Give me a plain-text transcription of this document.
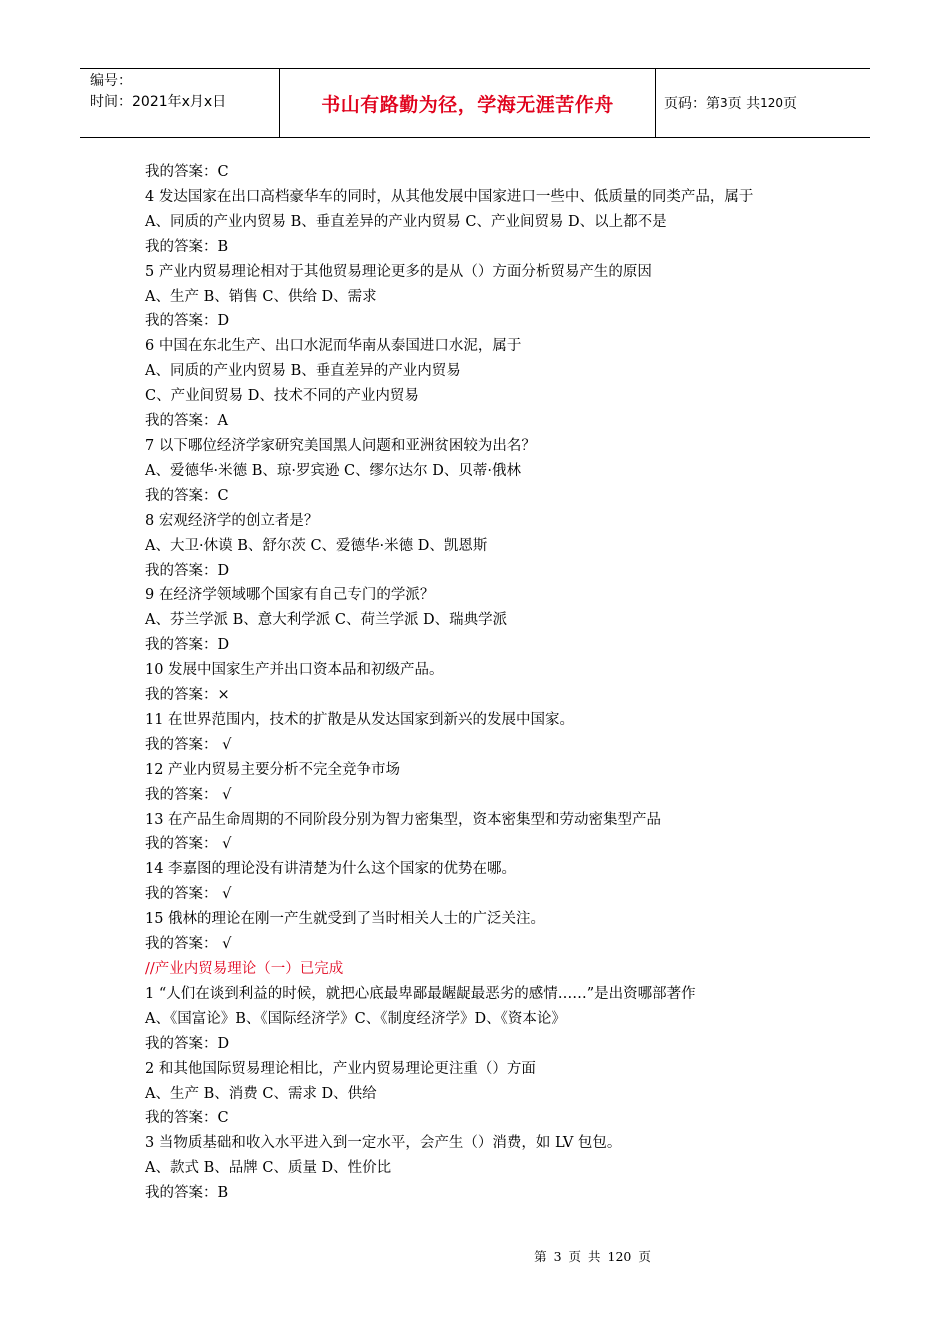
编号：
时间：2021年x月x日	书山有路勤为径，学海无涯苦作舟	页码：第 3 页 共 120 页
我的答案：C
4 发达国家在出口高档豪华车的同时，从其他发展中国家进口一些中、低质量的同类产品，属于
A、同质的产业内贸易 B、垂直差异的产业内贸易 C、产业间贸易 D、以上都不是
我的答案：B
5 产业内贸易理论相对于其他贸易理论更多的是从（）方面分析贸易产生的原因
A、生产 B、销售 C、供给 D、需求
我的答案：D
6 中国在东北生产、出口水泥而华南从泰国进口水泥，属于
A、同质的产业内贸易 B、垂直差异的产业内贸易
C、产业间贸易 D、技术不同的产业内贸易
我的答案：A
7 以下哪位经济学家研究美国黑人问题和亚洲贫困较为出名？
A、爱德华·米德 B、琼·罗宾逊 C、缪尔达尔 D、贝蒂·俄林
我的答案：C
8 宏观经济学的创立者是？
A、大卫·休谟 B、舒尔茨 C、爱德华·米德 D、凯恩斯
我的答案：D
9 在经济学领域哪个国家有自己专门的学派？
A、芬兰学派 B、意大利学派 C、荷兰学派 D、瑞典学派
我的答案：D
10 发展中国家生产并出口资本品和初级产品。
我的答案：×
11 在世界范围内，技术的扩散是从发达国家到新兴的发展中国家。
我的答案： √
12 产业内贸易主要分析不完全竞争市场
我的答案： √
13 在产品生命周期的不同阶段分别为智力密集型，资本密集型和劳动密集型产品
我的答案： √
14 李嘉图的理论没有讲清楚为什么这个国家的优势在哪。
我的答案： √
15 俄林的理论在刚一产生就受到了当时相关人士的广泛关注。
我的答案： √
//产业内贸易理论（一）已完成
1 “人们在谈到利益的时候，就把心底最卑鄙最龌龊最恶劣的感情……”是出资哪部著作
A、《国富论》B、《国际经济学》C、《制度经济学》D、《资本论》
我的答案：D
2 和其他国际贸易理论相比，产业内贸易理论更注重（）方面
A、生产 B、消费 C、需求 D、供给
我的答案：C
3 当物质基础和收入水平进入到一定水平，会产生（）消费，如 LV 包包。
A、款式 B、品牌 C、质量 D、性价比
我的答案：B
第 3 页 共 120 页
